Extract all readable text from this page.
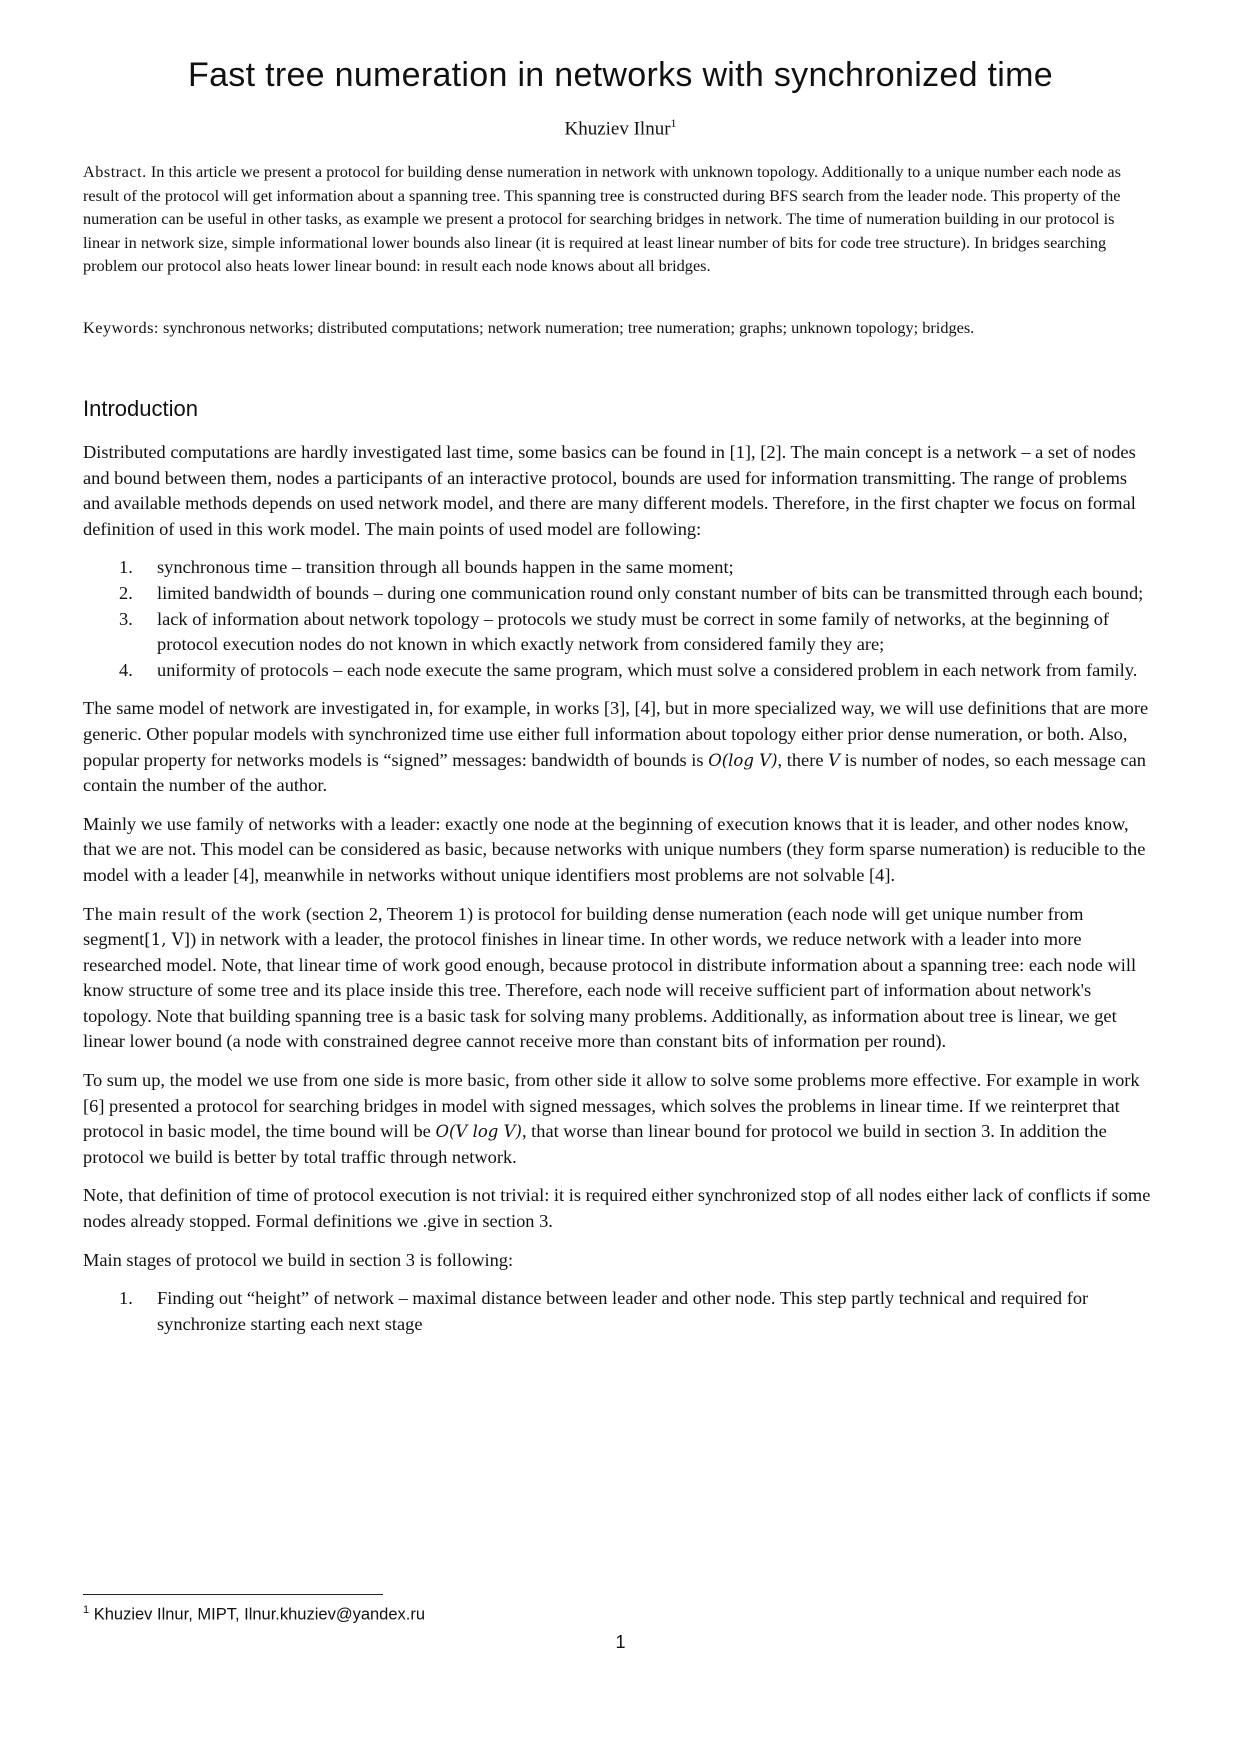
Fast tree numeration in networks with synchronized time
Khuziev Ilnur$^1$

Abstract. In this article we present a protocol for building dense numeration in network with unknown topology. Additionally to a unique number each node as result of the protocol will get information about a spanning tree. This spanning tree is constructed during BFS search from the leader node. This property of the numeration can be useful in other tasks, as example we present a protocol for searching bridges in network. The time of numeration building in our protocol is linear in network size, simple informational lower bounds also linear (it is required at least linear number of bits for code tree structure). In bridges searching problem our protocol also heats lower linear bound: in result each node knows about all bridges.

Keywords: synchronous networks; distributed computations; network numeration; tree numeration; graphs; unknown topology; bridges.

Introduction

Distributed computations are hardly investigated last time, some basics can be found in [1], [2]. The main concept is a network – a set of nodes and bound between them, nodes a participants of an interactive protocol, bounds are used for information transmitting. The range of problems and available methods depends on used network model, and there are many different models. Therefore, in the first chapter we focus on formal definition of used in this work model. The main points of used model are following:

1. synchronous time – transition through all bounds happen in the same moment;
2. limited bandwidth of bounds – during one communication round only constant number of bits can be transmitted through each bound;
3. lack of information about network topology – protocols we study must be correct in some family of networks, at the beginning of protocol execution nodes do not known in which exactly network from considered family they are;
4. uniformity of protocols – each node execute the same program, which must solve a considered problem in each network from family.

The same model of network are investigated in, for example, in works [3], [4], but in more specialized way, we will use definitions that are more generic. Other popular models with synchronized time use either full information about topology either prior dense numeration, or both. Also, popular property for networks models is “signed” messages: bandwidth of bounds is O(log V), there V is number of nodes, so each message can contain the number of the author.

Mainly we use family of networks with a leader: exactly one node at the beginning of execution knows that it is leader, and other nodes know, that we are not. This model can be considered as basic, because networks with unique numbers (they form sparse numeration) is reducible to the model with a leader [4], meanwhile in networks without unique identifiers most problems are not solvable [4].

The main result of the work (section 2, Theorem 1) is protocol for building dense numeration (each node will get unique number from segment[1, V]) in network with a leader, the protocol finishes in linear time. In other words, we reduce network with a leader into more researched model. Note, that linear time of work good enough, because protocol in distribute information about a spanning tree: each node will know structure of some tree and its place inside this tree. Therefore, each node will receive sufficient part of information about network's topology. Note that building spanning tree is a basic task for solving many problems. Additionally, as information about tree is linear, we get linear lower bound (a node with constrained degree cannot receive more than constant bits of information per round).

To sum up, the model we use from one side is more basic, from other side it allow to solve some problems more effective. For example in work [6] presented a protocol for searching bridges in model with signed messages, which solves the problems in linear time. If we reinterpret that protocol in basic model, the time bound will be O(V log V), that worse than linear bound for protocol we build in section 3. In addition the protocol we build is better by total traffic through network.

Note, that definition of time of protocol execution is not trivial: it is required either synchronized stop of all nodes either lack of conflicts if some nodes already stopped. Formal definitions we .give in section 3.

Main stages of protocol we build in section 3 is following:

1. Finding out “height” of network – maximal distance between leader and other node. This step partly technical and required for synchronize starting each next stage
$^1$ Khuziev Ilnur, MIPT, Ilnur.khuziev@yandex.ru
1
